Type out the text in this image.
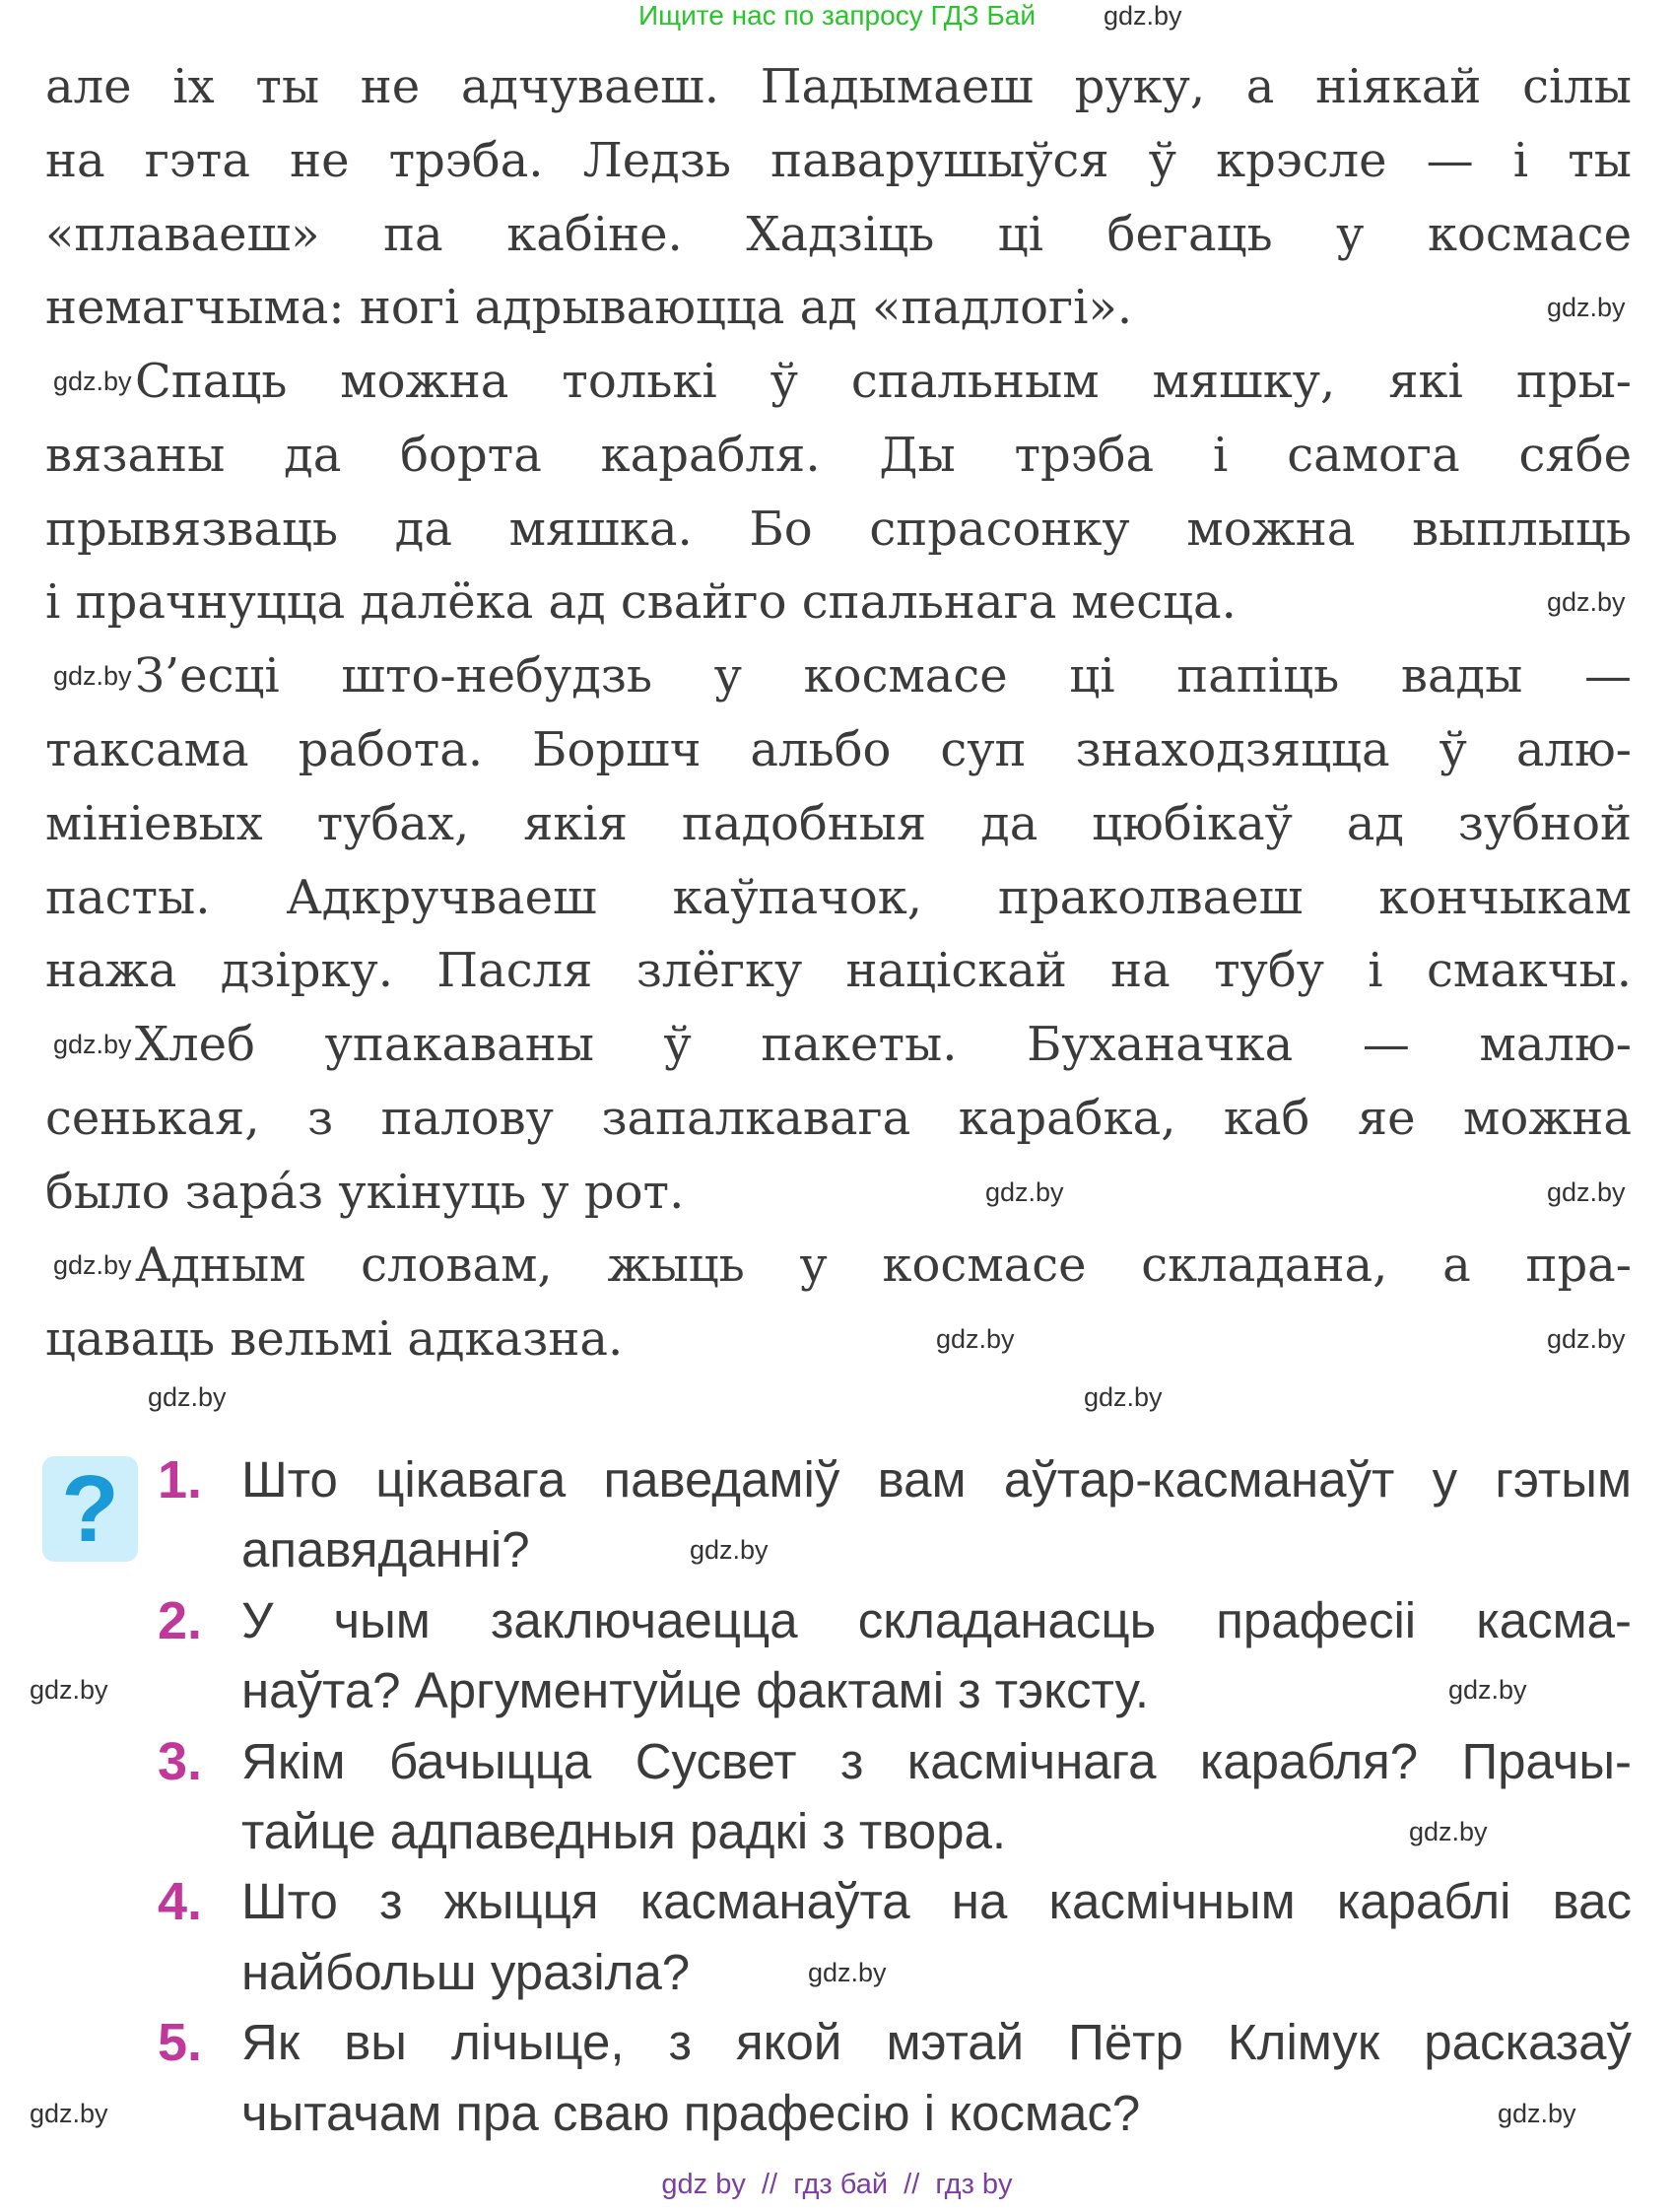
Ищите нас по запросу ГДЗ Бай
але іх ты не адчуваеш. Падымаеш руку, а ніякай сілы
на гэта не трэба. Ледзь паварушыўся ў крэсле — і ты
«плаваеш» па кабіне. Хадзіць ці бегаць у космасе
немагчыма: ногі адрываюцца ад «падлогі».
Спаць можна толькі ў спальным мяшку, які пры-
вязаны да борта карабля. Ды трэба і самога сябе
прывязваць да мяшка. Бо спрасонку можна выплыць
і прачнуцца далёка ад свайго спальнага месца.
З’есці што-небудзь у космасе ці папіць вады —
таксама работа. Боршч альбо суп знаходзяцца ў алю-
мініевых тубах, якія падобныя да цюбікаў ад зубной
пасты. Адкручваеш каўпачок, праколваеш кончыкам
нажа дзірку. Пасля злёгку націскай на тубу і смакчы.
Хлеб упакаваны ў пакеты. Буханачка — малю-
сенькая, з палову запалкавага карабка, каб яе можна
было зара́з укінуць у рот.
Адным словам, жыць у космасе складана, а пра-
цаваць вельмі адказна.
? 1. Што цікавага паведаміў вам аўтар-касманаўт у гэтым
апавяданні?
2. У чым заключаецца складанасць прафесіі касма-
наўта? Аргументуйце фактамі з тэксту.
3. Якім бачыцца Сусвет з касмічнага карабля? Прачы-
тайце адпаведныя радкі з твора.
4. Што з жыцця касманаўта на касмічным караблі вас
найбольш уразіла?
5. Як вы лічыце, з якой мэтай Пётр Клімук расказаў
чытачам пра сваю прафесію і космас?
gdz.by
gdz.by
gdz.by
gdz.by	gdz.by
gdz.by	gdz.by
gdz.by
gdz.by
gdz.by
gdz.by
gdz.by
gdz.by
gdz.by
gdz.by
gdz.by
gdz.by
gdz.by
gdz.by
gdz.by
gdz by  //  гдз бай  //  гдз by
